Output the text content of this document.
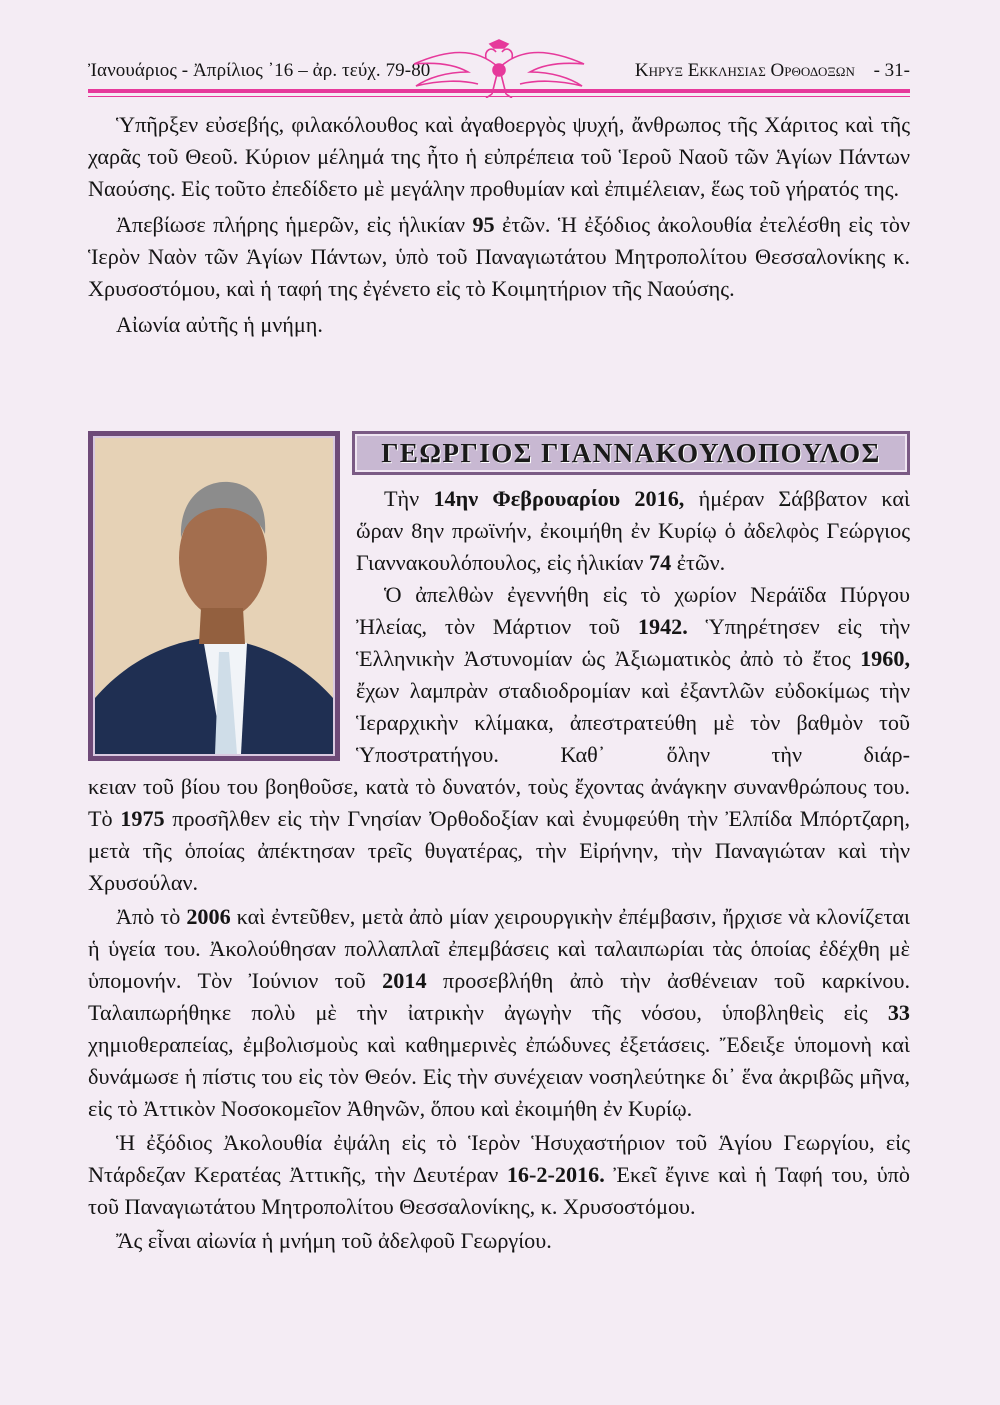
Ἰανουάριος - Ἀπρίλιος ᾽16 – ἀρ. τεύχ. 79-80	Κηρυξ Εκκλησιας Ορθοδοξων - 31-

Ὑπῆρξεν εὐσεβής, φιλακόλουθος καὶ ἀγαθοεργὸς ψυχή, ἄνθρωπος τῆς Χάριτος καὶ τῆς χαρᾶς τοῦ Θεοῦ. Κύριον μέλημά της ἦτο ἡ εὐπρέπεια τοῦ Ἱεροῦ Ναοῦ τῶν Ἁγίων Πάντων Ναούσης. Εἰς τοῦτο ἐπεδίδετο μὲ μεγάλην προθυμίαν καὶ ἐπιμέλειαν, ἕως τοῦ γήρατός της.

Ἀπεβίωσε πλήρης ἡμερῶν, εἰς ἡλικίαν 95 ἐτῶν. Ἡ ἐξόδιος ἀκολουθία ἐτελέσθη εἰς τὸν Ἱερὸν Ναὸν τῶν Ἁγίων Πάντων, ὑπὸ τοῦ Παναγιωτάτου Μητροπολίτου Θεσσαλονίκης κ. Χρυσοστόμου, καὶ ἡ ταφή της ἐγένετο εἰς τὸ Κοιμητήριον τῆς Ναούσης.

Αἰωνία αὐτῆς ἡ μνήμη.

ΓΕΩΡΓΙΟΣ ΓΙΑΝΝΑΚΟΥΛΟΠΟΥΛΟΣ

Τὴν 14ην Φεβρουαρίου 2016, ἡμέραν Σάββατον καὶ ὥραν 8ην πρωϊνήν, ἐκοιμήθη ἐν Κυρίῳ ὁ ἀδελφὸς Γεώργιος Γιαννακουλόπουλος, εἰς ἡλικίαν 74 ἐτῶν.

Ὁ ἀπελθὼν ἐγεννήθη εἰς τὸ χωρίον Νεράϊδα Πύργου Ἠλείας, τὸν Μάρτιον τοῦ 1942. Ὑπηρέτησεν εἰς τὴν Ἑλληνικὴν Ἀστυνομίαν ὡς Ἀξιωματικὸς ἀπὸ τὸ ἔτος 1960, ἔχων λαμπρὰν σταδιοδρομίαν καὶ ἐξαντλῶν εὐδοκίμως τὴν Ἱεραρχικὴν κλίμακα, ἀπεστρατεύθη μὲ τὸν βαθμὸν τοῦ Ὑποστρατήγου. Καθ᾽ ὅλην τὴν διάρ-

κειαν τοῦ βίου του βοηθοῦσε, κατὰ τὸ δυνατόν, τοὺς ἔχοντας ἀνάγκην συνανθρώπους του. Τὸ 1975 προσῆλθεν εἰς τὴν Γνησίαν Ὀρθοδοξίαν καὶ ἐνυμφεύθη τὴν Ἐλπίδα Μπόρτζαρη, μετὰ τῆς ὁποίας ἀπέκτησαν τρεῖς θυγατέρας, τὴν Εἰρήνην, τὴν Παναγιώταν καὶ τὴν Χρυσούλαν.

Ἀπὸ τὸ 2006 καὶ ἐντεῦθεν, μετὰ ἀπὸ μίαν χειρουργικὴν ἐπέμβασιν, ἤρχισε νὰ κλονίζεται ἡ ὑγεία του. Ἀκολούθησαν πολλαπλαῖ ἐπεμβάσεις καὶ ταλαιπωρίαι τὰς ὁποίας ἐδέχθη μὲ ὑπομονήν. Τὸν Ἰούνιον τοῦ 2014 προσεβλήθη ἀπὸ τὴν ἀσθένειαν τοῦ καρκίνου. Ταλαιπωρήθηκε πολὺ μὲ τὴν ἰατρικὴν ἀγωγὴν τῆς νόσου, ὑποβληθεὶς εἰς 33 χημιοθεραπείας, ἐμβολισμοὺς καὶ καθημερινὲς ἐπώδυνες ἐξετάσεις. Ἔδειξε ὑπομονὴ καὶ δυνάμωσε ἡ πίστις του εἰς τὸν Θεόν. Εἰς τὴν συνέχειαν νοσηλεύτηκε δι᾽ ἕνα ἀκριβῶς μῆνα, εἰς τὸ Ἀττικὸν Νοσοκομεῖον Ἀθηνῶν, ὅπου καὶ ἐκοιμήθη ἐν Κυρίῳ.

Ἡ ἐξόδιος Ἀκολουθία ἐψάλη εἰς τὸ Ἱερὸν Ἡσυχαστήριον τοῦ Ἁγίου Γεωργίου, εἰς Ντάρδεζαν Κερατέας Ἀττικῆς, τὴν Δευτέραν 16-2-2016. Ἐκεῖ ἔγινε καὶ ἡ Ταφή του, ὑπὸ τοῦ Παναγιωτάτου Μητροπολίτου Θεσσαλονίκης, κ. Χρυσοστόμου.

Ἄς εἶναι αἰωνία ἡ μνήμη τοῦ ἀδελφοῦ Γεωργίου.
